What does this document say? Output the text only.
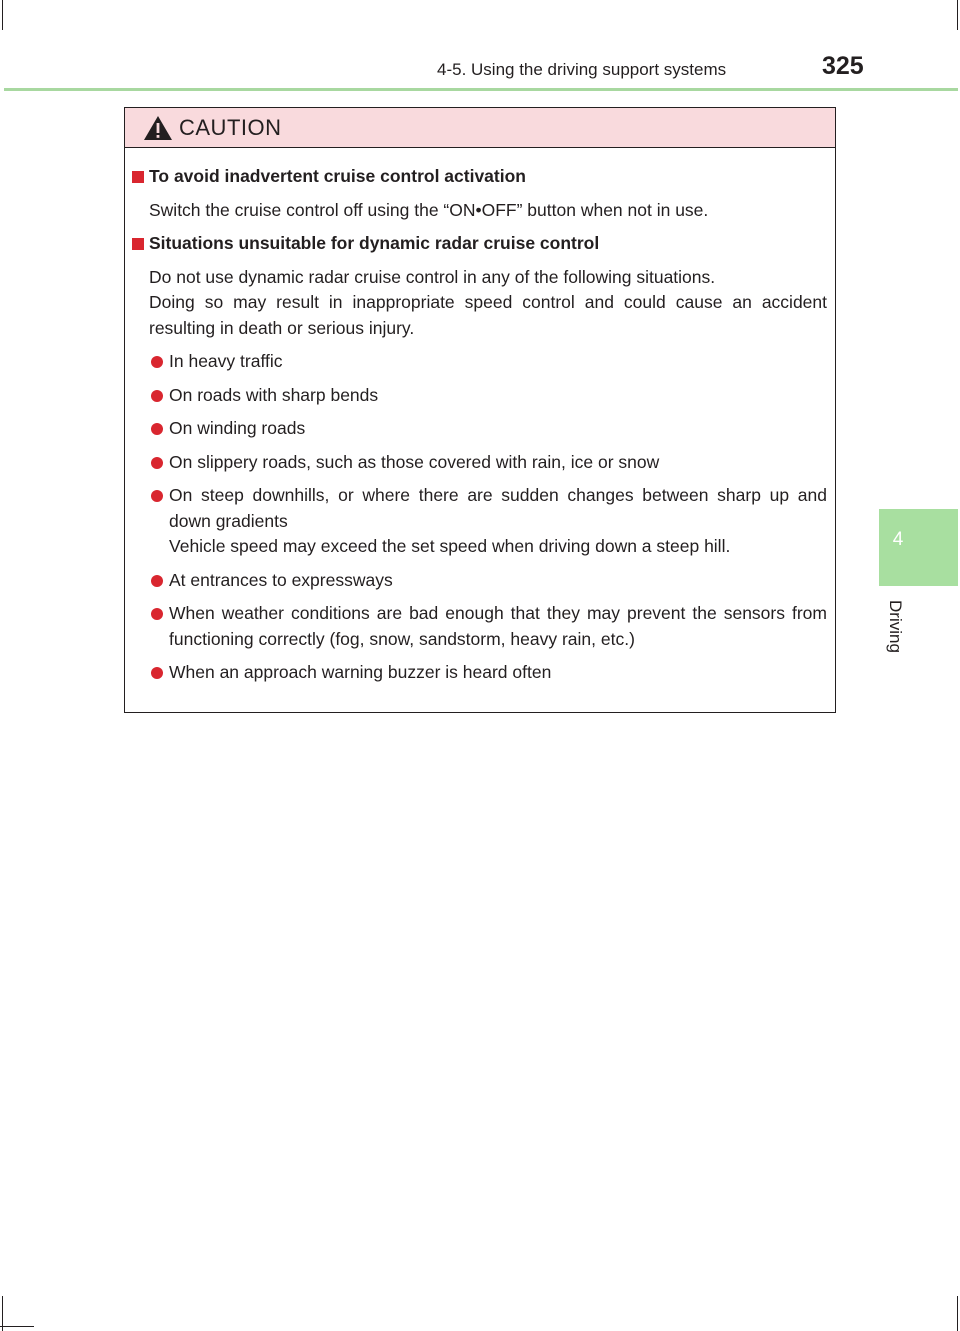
4-5. Using the driving support systems	325
4
Driving
CAUTION
To avoid inadvertent cruise control activation

Switch the cruise control off using the “ON•OFF” button when not in use.

Situations unsuitable for dynamic radar cruise control

Do not use dynamic radar cruise control in any of the following situations.

Doing so may result in inappropriate speed control and could cause an accident resulting in death or serious injury.

In heavy traffic

On roads with sharp bends

On winding roads

On slippery roads, such as those covered with rain, ice or snow

On steep downhills, or where there are sudden changes between sharp up and down gradients

Vehicle speed may exceed the set speed when driving down a steep hill.

At entrances to expressways

When weather conditions are bad enough that they may prevent the sensors from functioning correctly (fog, snow, sandstorm, heavy rain, etc.)

When an approach warning buzzer is heard often
